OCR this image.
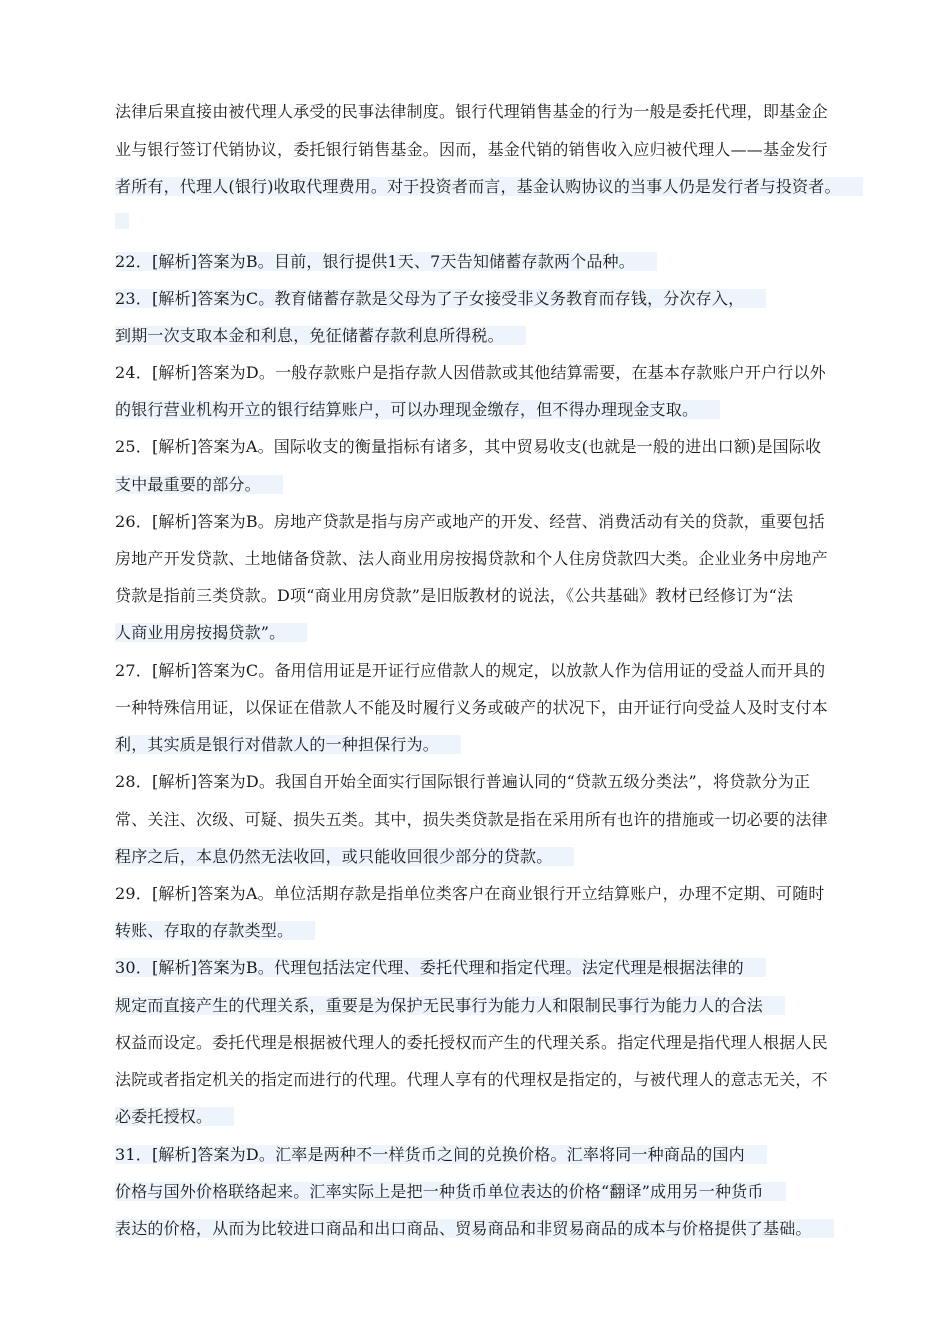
法律后果直接由被代理人承受的民事法律制度。银行代理销售基金的行为一般是委托代理，即基金企
业与银行签订代销协议，委托银行销售基金。因而，基金代销的销售收入应归被代理人——基金发行
者所有，代理人(银行)收取代理费用。对于投资者而言，基金认购协议的当事人仍是发行者与投资者。
22．[解析]答案为B。目前，银行提供1天、7天告知储蓄存款两个品种。
23．[解析]答案为C。教育储蓄存款是父母为了子女接受非义务教育而存钱，分次存入，
到期一次支取本金和利息，免征储蓄存款利息所得税。
24．[解析]答案为D。一般存款账户是指存款人因借款或其他结算需要，在基本存款账户开户行以外
的银行营业机构开立的银行结算账户，可以办理现金缴存，但不得办理现金支取。
25．[解析]答案为A。国际收支的衡量指标有诸多，其中贸易收支(也就是一般的进出口额)是国际收
支中最重要的部分。
26．[解析]答案为B。房地产贷款是指与房产或地产的开发、经营、消费活动有关的贷款，重要包括
房地产开发贷款、土地储备贷款、法人商业用房按揭贷款和个人住房贷款四大类。企业业务中房地产
贷款是指前三类贷款。D项“商业用房贷款”是旧版教材的说法，《公共基础》教材已经修订为“法
人商业用房按揭贷款”。
27．[解析]答案为C。备用信用证是开证行应借款人的规定，以放款人作为信用证的受益人而开具的
一种特殊信用证，以保证在借款人不能及时履行义务或破产的状况下，由开证行向受益人及时支付本
利，其实质是银行对借款人的一种担保行为。
28．[解析]答案为D。我国自开始全面实行国际银行普遍认同的“贷款五级分类法”，将贷款分为正
常、关注、次级、可疑、损失五类。其中，损失类贷款是指在采用所有也许的措施或一切必要的法律
程序之后，本息仍然无法收回，或只能收回很少部分的贷款。
29．[解析]答案为A。单位活期存款是指单位类客户在商业银行开立结算账户，办理不定期、可随时
转账、存取的存款类型。
30．[解析]答案为B。代理包括法定代理、委托代理和指定代理。法定代理是根据法律的
规定而直接产生的代理关系，重要是为保护无民事行为能力人和限制民事行为能力人的合法
权益而设定。委托代理是根据被代理人的委托授权而产生的代理关系。指定代理是指代理人根据人民
法院或者指定机关的指定而进行的代理。代理人享有的代理权是指定的，与被代理人的意志无关，不
必委托授权。
31．[解析]答案为D。汇率是两种不一样货币之间的兑换价格。汇率将同一种商品的国内
价格与国外价格联络起来。汇率实际上是把一种货币单位表达的价格“翻译”成用另一种货币
表达的价格，从而为比较进口商品和出口商品、贸易商品和非贸易商品的成本与价格提供了基础。
